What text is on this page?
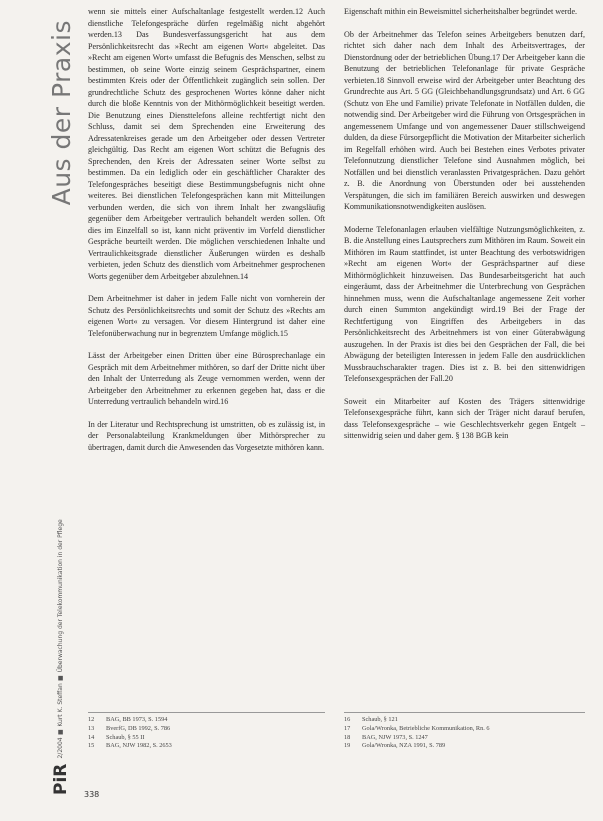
Aus der Praxis
PiR 2/2004 ■ Kurt K. Steffan ■ Überwachung der Telekommunikation in der Pflege

wenn sie mittels einer Aufschaltanlage festgestellt werden.12 Auch dienstliche Telefongespräche dürfen regelmäßig nicht abgehört werden.13 Das Bundesverfassungsgericht hat aus dem Persönlichkeitsrecht das »Recht am eigenen Wort« abgeleitet. Das »Recht am eigenen Wort« umfasst die Befugnis des Menschen, selbst zu bestimmen, ob seine Worte einzig seinem Gesprächspartner, einem bestimmten Kreis oder der Öffentlichkeit zugänglich sein sollen. Der grundrechtliche Schutz des gesprochenen Wortes könne daher nicht durch die bloße Kenntnis von der Mithörmöglichkeit beseitigt werden. Die Benutzung eines Diensttelefons alleine rechtfertigt nicht den Schluss, damit sei dem Sprechenden eine Erweiterung des Adressatenkreises gerade um den Arbeitgeber oder dessen Vertreter gleichgültig. Das Recht am eigenen Wort schützt die Befugnis des Sprechenden, den Kreis der Adressaten seiner Worte selbst zu bestimmen. Da ein lediglich oder ein geschäftlicher Charakter des Telefongespräches beseitigt diese Bestimmungsbefugnis nicht ohne weiteres. Bei dienstlichen Telefongesprächen kann mit Mitteilungen verbunden werden, die sich von ihrem Inhalt her zwangsläufig gegenüber dem Arbeitgeber vertraulich behandelt werden sollen. Oft dies im Einzelfall so ist, kann nicht präventiv im Vorfeld dienstlicher Gespräche beurteilt werden. Die möglichen verschiedenen Inhalte und Vertraulichkeitsgrade dienstlicher Äußerungen würden es deshalb verbieten, jeden Schutz des dienstlich vom Arbeitnehmer gesprochenen Worts gegenüber dem Arbeitgeber abzulehnen.14

Dem Arbeitnehmer ist daher in jedem Falle nicht von vornherein der Schutz des Persönlichkeitsrechts und somit der Schutz des »Rechts am eigenen Wort« zu versagen. Vor diesem Hintergrund ist daher eine Telefonüberwachung nur in begrenztem Umfange möglich.15

Lässt der Arbeitgeber einen Dritten über eine Bürosprechanlage ein Gespräch mit dem Arbeitnehmer mithören, so darf der Dritte nicht über den Inhalt der Unterredung als Zeuge vernommen werden, wenn der Arbeitgeber den Arbeitnehmer zu erkennen gegeben hat, dass er die Unterredung vertraulich behandeln wird.16

In der Literatur und Rechtsprechung ist umstritten, ob es zulässig ist, in der Personalabteilung Krankmeldungen über Mithörsprecher zu übertragen, damit durch die Anwesenden das Vorgesetzte mithören kann.

Eigenschaft mithin ein Beweismittel sicherheitshalber begründet werde.

Ob der Arbeitnehmer das Telefon seines Arbeitgebers benutzen darf, richtet sich daher nach dem Inhalt des Arbeitsvertrages, der Dienstordnung oder der betrieblichen Übung.17 Der Arbeitgeber kann die Benutzung der betrieblichen Telefonanlage für private Gespräche verbieten.18 Sinnvoll erweise wird der Arbeitgeber unter Beachtung des Grundrechte aus Art. 5 GG (Gleichbehandlungsgrundsatz) und Art. 6 GG (Schutz von Ehe und Familie) private Telefonate in Notfällen dulden, die notwendig sind. Der Arbeitgeber wird die Führung von Ortsgesprächen in angemessenem Umfange und von angemessener Dauer stillschweigend dulden, da diese Fürsorgepflicht die Motivation der Mitarbeiter sicherlich im Regelfall erhöhen wird. Auch bei Bestehen eines Verbotes privater Telefonnutzung dienstlicher Telefone sind Ausnahmen möglich, bei Notfällen und bei dienstlich veranlassten Privatgesprächen. Dazu gehört z. B. die Anordnung von Überstunden oder bei ausstehenden Verspätungen, die sich im familiären Bereich auswirken und deswegen Kommunikationsnotwendigkeiten auslösen.

Moderne Telefonanlagen erlauben vielfältige Nutzungsmöglichkeiten, z. B. die Anstellung eines Lautsprechers zum Mithören im Raum. Soweit ein Mithören im Raum stattfindet, ist unter Beachtung des verbotswidrigen »Recht am eigenen Wort« der Gesprächspartner auf diese Mithörmöglichkeit hinzuweisen. Das Bundesarbeitsgericht hat auch eingeräumt, dass der Arbeitnehmer die Unterbrechung von Gesprächen hinnehmen muss, wenn die Aufschaltanlage angemessene Zeit vorher durch einen Summton angekündigt wird.19 Bei der Frage der Rechtfertigung von Eingriffen des Arbeitgebers in das Persönlichkeitsrecht des Arbeitnehmers ist von einer Güterabwägung auszugehen. In der Praxis ist dies bei den Gesprächen der Fall, die bei Abwägung der beteiligten Interessen in jedem Falle den ausdrücklichen Mussbrauchscharakter tragen. Dies ist z. B. bei den sittenwidrigen Telefonsexgesprächen der Fall.20

Soweit ein Mitarbeiter auf Kosten des Trägers sittenwidrige Telefonsexgespräche führt, kann sich der Träger nicht darauf berufen, dass Telefonsexgespräche – wie Geschlechtsverkehr gegen Entgelt – sittenwidrig seien und daher gem. § 138 BGB kein

12	BAG, BB 1973, S. 1594
13	BverfG, DB 1992, S. 786
14	Schaub, § 55 II
15	BAG, NJW 1982, S. 2653
16	Schaub, § 121
17	Gola/Wronka, Betriebliche Kommunikation, Rn. 6
18	BAG, NJW 1973, S. 1247
19	Gola/Wronka, NZA 1991, S. 789
338
